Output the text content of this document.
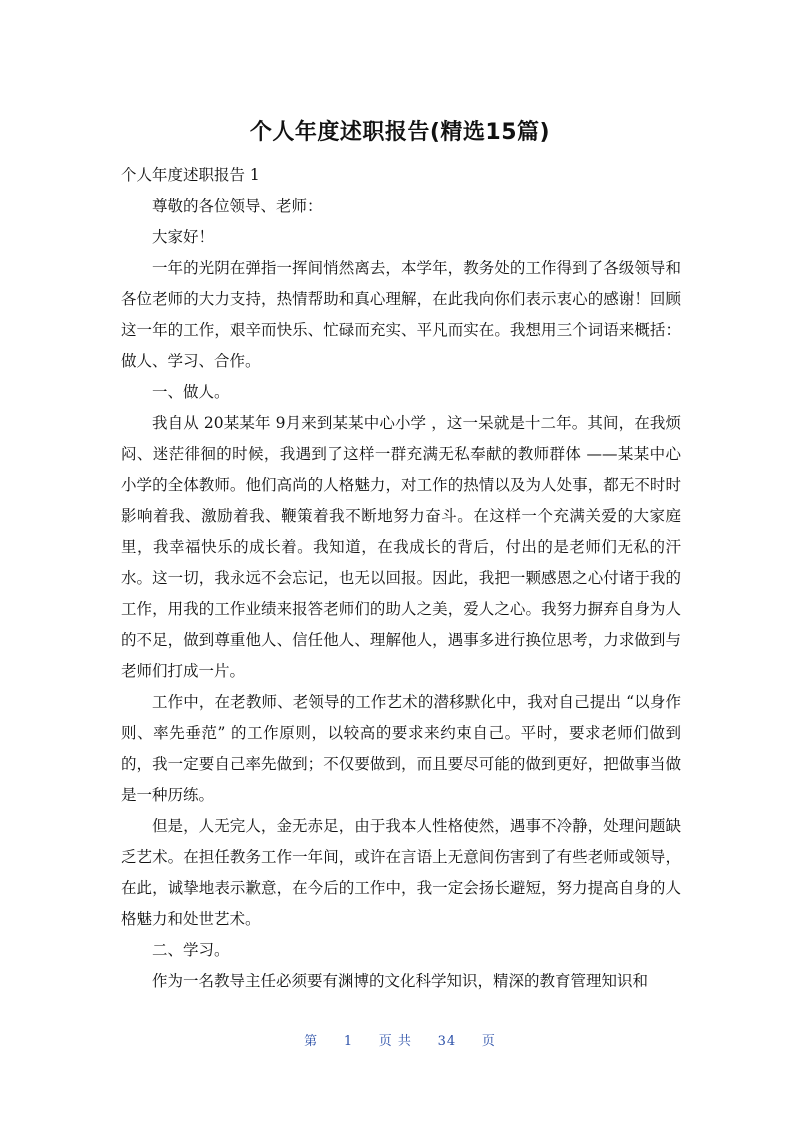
个人年度述职报告(精选15篇)

个人年度述职报告 1

尊敬的各位领导、老师：

大家好！

一年的光阴在弹指一挥间悄然离去，本学年，教务处的工作得到了各级领导和各位老师的大力支持，热情帮助和真心理解，在此我向你们表示衷心的感谢！回顾这一年的工作，艰辛而快乐、忙碌而充实、平凡而实在。我想用三个词语来概括：做人、学习、合作。

一、做人。

我自从 20某某年 9月来到某某中心小学 ，这一呆就是十二年。其间，在我烦闷、迷茫徘徊的时候，我遇到了这样一群充满无私奉献的教师群体 ——某某中心小学的全体教师。他们高尚的人格魅力，对工作的热情以及为人处事，都无不时时影响着我、激励着我、鞭策着我不断地努力奋斗。在这样一个充满关爱的大家庭里，我幸福快乐的成长着。我知道，在我成长的背后，付出的是老师们无私的汗水。这一切，我永远不会忘记，也无以回报。因此，我把一颗感恩之心付诸于我的工作，用我的工作业绩来报答老师们的助人之美，爱人之心。我努力摒弃自身为人的不足，做到尊重他人、信任他人、理解他人，遇事多进行换位思考，力求做到与老师们打成一片。

工作中，在老教师、老领导的工作艺术的潜移默化中，我对自己提出 “以身作则、率先垂范” 的工作原则，以较高的要求来约束自己。平时，要求老师们做到的，我一定要自己率先做到；不仅要做到，而且要尽可能的做到更好，把做事当做是一种历练。

但是，人无完人，金无赤足，由于我本人性格使然，遇事不冷静，处理问题缺乏艺术。在担任教务工作一年间，或许在言语上无意间伤害到了有些老师或领导，在此，诚挚地表示歉意，在今后的工作中，我一定会扬长避短，努力提高自身的人格魅力和处世艺术。

二、学习。

作为一名教导主任必须要有渊博的文化科学知识，精深的教育管理知识和

第 1 页 共 34 页
